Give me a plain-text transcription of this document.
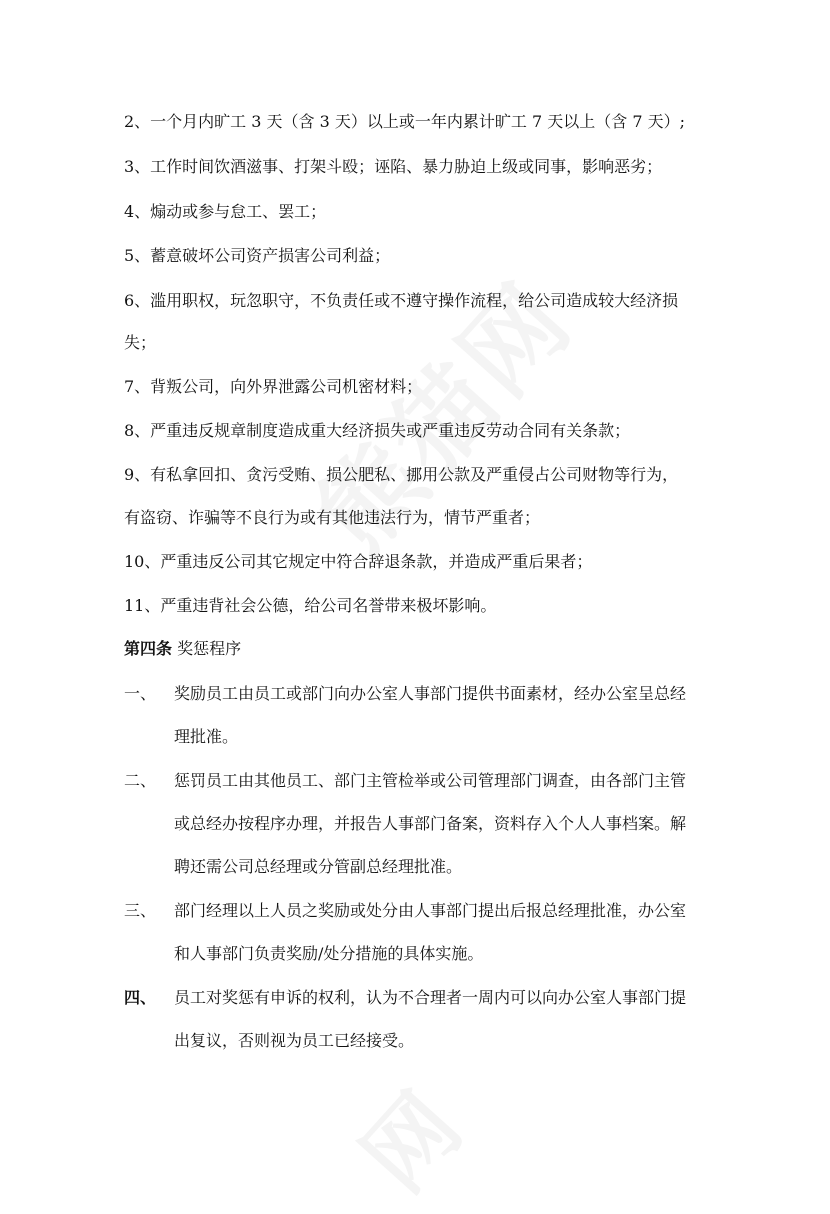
2、一个月内旷工 3 天（含 3 天）以上或一年内累计旷工 7 天以上（含 7 天）;
3、工作时间饮酒滋事、打架斗殴；诬陷、暴力胁迫上级或同事，影响恶劣；
4、煽动或参与怠工、罢工；
5、蓄意破坏公司资产损害公司利益；
6、滥用职权，玩忽职守，不负责任或不遵守操作流程，给公司造成较大经济损
失；
7、背叛公司，向外界泄露公司机密材料；
8、严重违反规章制度造成重大经济损失或严重违反劳动合同有关条款；
9、有私拿回扣、贪污受贿、损公肥私、挪用公款及严重侵占公司财物等行为，
有盗窃、诈骗等不良行为或有其他违法行为，情节严重者；
10、严重违反公司其它规定中符合辞退条款，并造成严重后果者；
11、严重违背社会公德，给公司名誉带来极坏影响。
第四条 奖惩程序
一、 奖励员工由员工或部门向办公室人事部门提供书面素材，经办公室呈总经
理批准。
二、 惩罚员工由其他员工、部门主管检举或公司管理部门调查，由各部门主管
或总经办按程序办理，并报告人事部门备案，资料存入个人人事档案。解
聘还需公司总经理或分管副总经理批准。
三、 部门经理以上人员之奖励或处分由人事部门提出后报总经理批准，办公室
和人事部门负责奖励/处分措施的具体实施。
四、 员工对奖惩有申诉的权利，认为不合理者一周内可以向办公室人事部门提
出复议，否则视为员工已经接受。
